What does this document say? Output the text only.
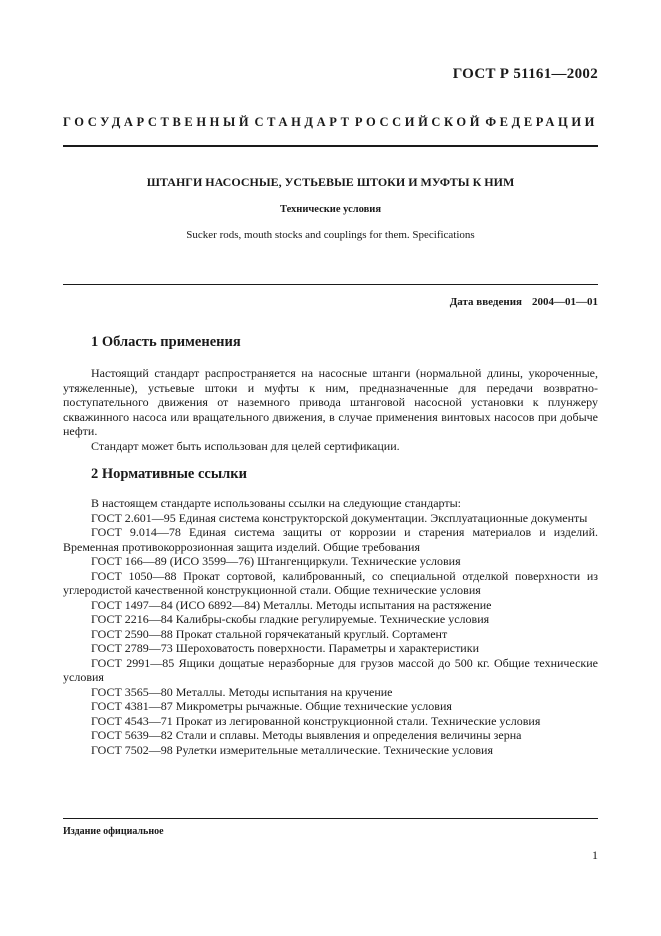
ГОСТ Р 51161—2002
ГОСУДАРСТВЕННЫЙ СТАНДАРТ РОССИЙСКОЙ ФЕДЕРАЦИИ
ШТАНГИ НАСОСНЫЕ, УСТЬЕВЫЕ ШТОКИ И МУФТЫ К НИМ
Технические условия
Sucker rods, mouth stocks and couplings for them. Specifications
Дата введения 2004—01—01
1 Область применения

Настоящий стандарт распространяется на насосные штанги (нормальной длины, укороченные, утяжеленные), устьевые штоки и муфты к ним, предназначенные для передачи возвратно-поступательного движения от наземного привода штанговой насосной установки к плунжеру скважинного насоса или вращательного движения, в случае применения винтовых насосов при добыче нефти.

Стандарт может быть использован для целей сертификации.

2 Нормативные ссылки

В настоящем стандарте использованы ссылки на следующие стандарты:

ГОСТ 2.601—95 Единая система конструкторской документации. Эксплуатационные документы

ГОСТ 9.014—78 Единая система защиты от коррозии и старения материалов и изделий. Временная противокоррозионная защита изделий. Общие требования

ГОСТ 166—89 (ИСО 3599—76) Штангенциркули. Технические условия

ГОСТ 1050—88 Прокат сортовой, калиброванный, со специальной отделкой поверхности из углеродистой качественной конструкционной стали. Общие технические условия

ГОСТ 1497—84 (ИСО 6892—84) Металлы. Методы испытания на растяжение

ГОСТ 2216—84 Калибры-скобы гладкие регулируемые. Технические условия

ГОСТ 2590—88 Прокат стальной горячекатаный круглый. Сортамент

ГОСТ 2789—73 Шероховатость поверхности. Параметры и характеристики

ГОСТ 2991—85 Ящики дощатые неразборные для грузов массой до 500 кг. Общие технические условия

ГОСТ 3565—80 Металлы. Методы испытания на кручение

ГОСТ 4381—87 Микрометры рычажные. Общие технические условия

ГОСТ 4543—71 Прокат из легированной конструкционной стали. Технические условия

ГОСТ 5639—82 Стали и сплавы. Методы выявления и определения величины зерна

ГОСТ 7502—98 Рулетки измерительные металлические. Технические условия

Издание официальное
1
